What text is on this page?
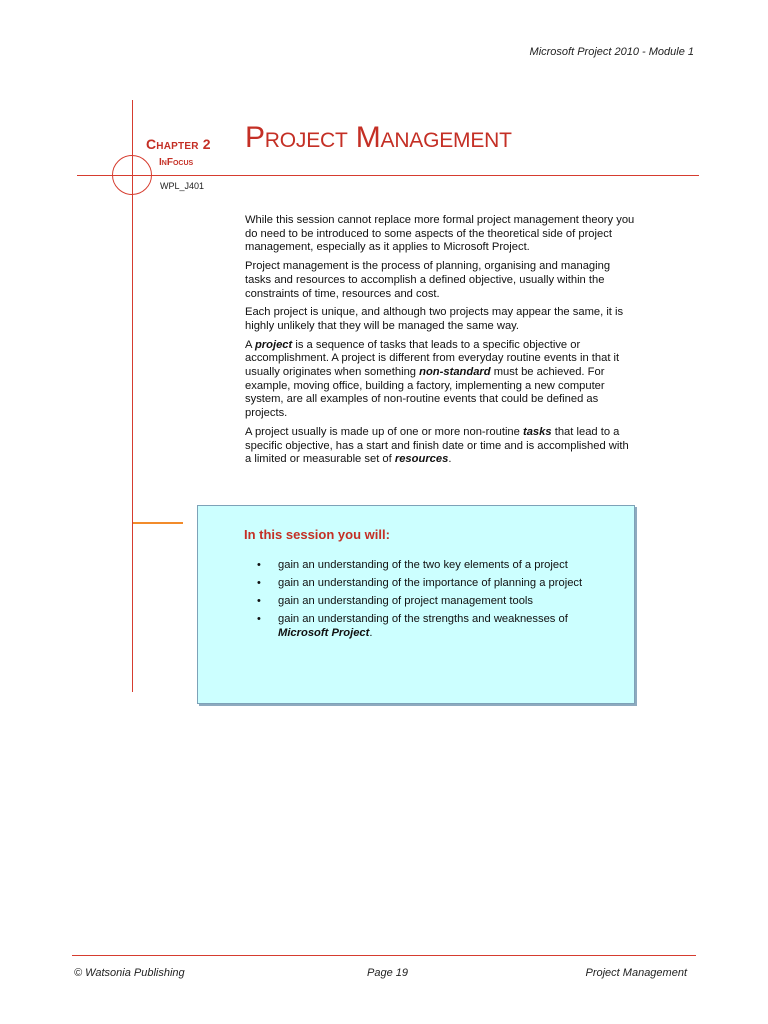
Microsoft Project 2010 - Module 1
Chapter 2
InFocus
WPL_J401
Project Management

While this session cannot replace more formal project management theory you do need to be introduced to some aspects of the theoretical side of project management, especially as it applies to Microsoft Project.

Project management is the process of planning, organising and managing tasks and resources to accomplish a defined objective, usually within the constraints of time, resources and cost.

Each project is unique, and although two projects may appear the same, it is highly unlikely that they will be managed the same way.

A project is a sequence of tasks that leads to a specific objective or accomplishment. A project is different from everyday routine events in that it usually originates when something non-standard must be achieved. For example, moving office, building a factory, implementing a new computer system, are all examples of non-routine events that could be defined as projects.

A project usually is made up of one or more non-routine tasks that lead to a specific objective, has a start and finish date or time and is accomplished with a limited or measurable set of resources.

In this session you will:
• gain an understanding of the two key elements of a project
• gain an understanding of the importance of planning a project
• gain an understanding of project management tools
• gain an understanding of the strengths and weaknesses of Microsoft Project.
© Watsonia Publishing	Page 19	Project Management
